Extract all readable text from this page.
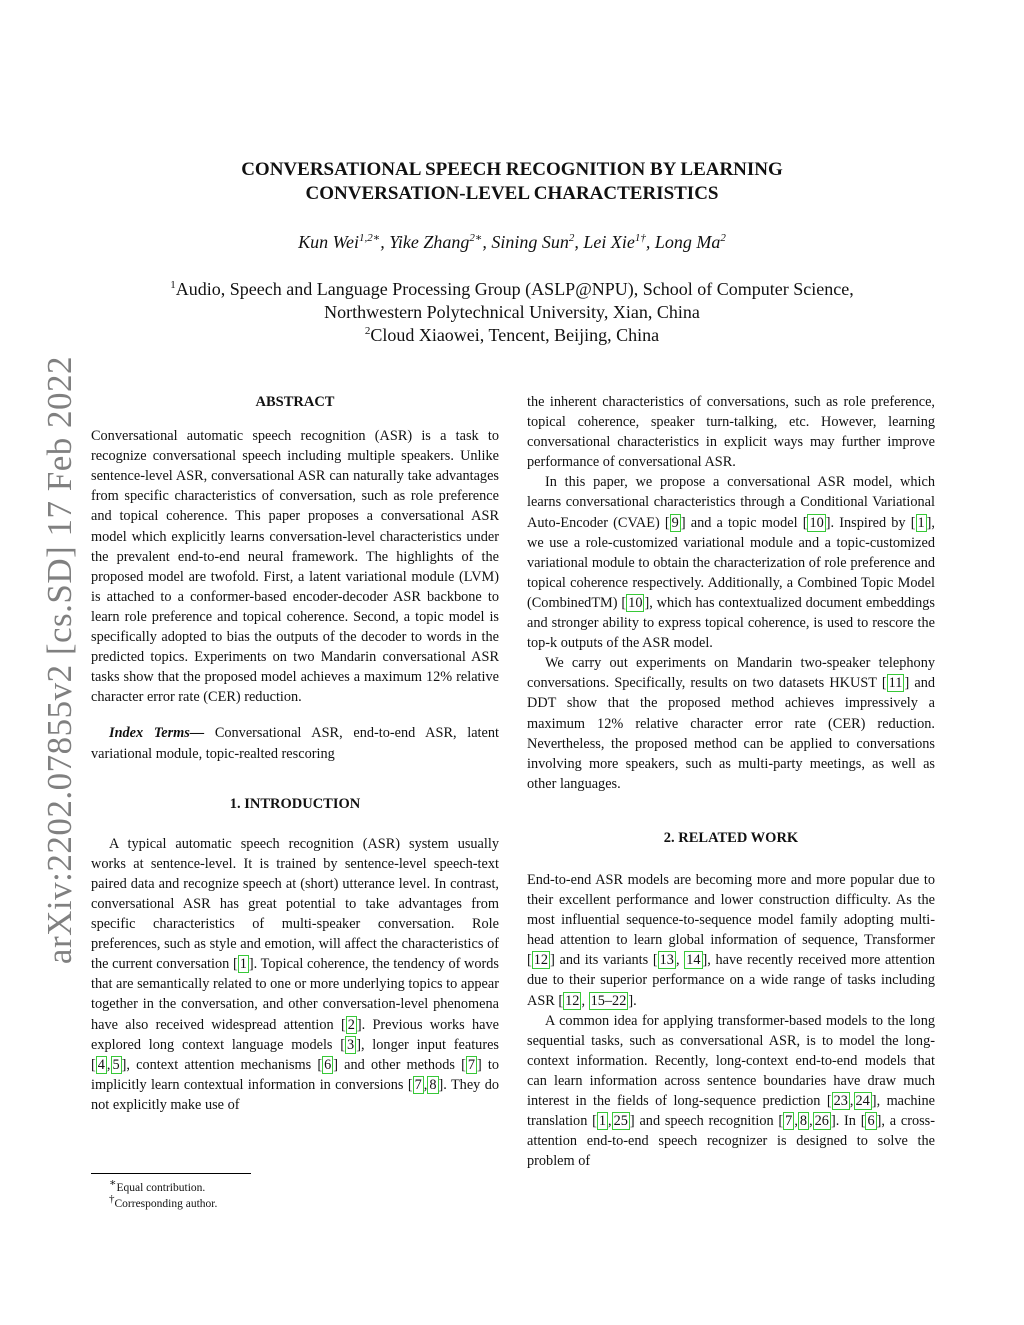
arXiv:2202.07855v2 [cs.SD] 17 Feb 2022
CONVERSATIONAL SPEECH RECOGNITION BY LEARNING
CONVERSATION-LEVEL CHARACTERISTICS
Kun Wei$^{1,2∗}$, Yike Zhang$^{2∗}$, Sining Sun$^2$, Lei Xie$^{1\dagger}$, Long Ma$^2$
$^1$Audio, Speech and Language Processing Group (ASLP@NPU), School of Computer Science,
Northwestern Polytechnical University, Xian, China
$^2$Cloud Xiaowei, Tencent, Beijing, China

ABSTRACT

Conversational automatic speech recognition (ASR) is a task to recognize conversational speech including multiple speakers. Unlike sentence-level ASR, conversational ASR can naturally take advantages from specific characteristics of conversation, such as role preference and topical coherence. This paper proposes a conversational ASR model which explicitly learns conversation-level characteristics under the prevalent end-to-end neural framework. The highlights of the proposed model are twofold. First, a latent variational module (LVM) is attached to a conformer-based encoder-decoder ASR backbone to learn role preference and topical coherence. Second, a topic model is specifically adopted to bias the outputs of the decoder to words in the predicted topics. Experiments on two Mandarin conversational ASR tasks show that the proposed model achieves a maximum 12% relative character error rate (CER) reduction.

Index Terms— Conversational ASR, end-to-end ASR, latent variational module, topic-realted rescoring

1. INTRODUCTION

A typical automatic speech recognition (ASR) system usually works at sentence-level. It is trained by sentence-level speech-text paired data and recognize speech at (short) utterance level. In contrast, conversational ASR has great potential to take advantages from specific characteristics of multi-speaker conversation. Role preferences, such as style and emotion, will affect the characteristics of the current conversation [ 1 ]. Topical coherence, the tendency of words that are semantically related to one or more underlying topics to appear together in the conversation, and other conversation-level phenomena have also received widespread attention [ 2 ]. Previous works have explored long context language models [ 3 ], longer input features [ 4 , 5 ], context attention mechanisms [ 6 ] and other methods [ 7 ] to implicitly learn contextual information in conversions [ 7 , 8 ]. They do not explicitly make use of

the inherent characteristics of conversations, such as role preference, topical coherence, speaker turn-talking, etc. However, learning conversational characteristics in explicit ways may further improve performance of conversational ASR.

In this paper, we propose a conversational ASR model, which learns conversational characteristics through a Conditional Variational Auto-Encoder (CVAE) [ 9 ] and a topic model [ 10 ]. Inspired by [ 1 ], we use a role-customized variational module and a topic-customized variational module to obtain the characterization of role preference and topical coherence respectively. Additionally, a Combined Topic Model (CombinedTM) [ 10 ], which has contextualized document embeddings and stronger ability to express topical coherence, is used to rescore the top-k outputs of the ASR model.

We carry out experiments on Mandarin two-speaker telephony conversations. Specifically, results on two datasets HKUST [ 11 ] and DDT show that the proposed method achieves impressively a maximum 12% relative character error rate (CER) reduction. Nevertheless, the proposed method can be applied to conversations involving more speakers, such as multi-party meetings, as well as other languages.

2. RELATED WORK

End-to-end ASR models are becoming more and more popular due to their excellent performance and lower construction difficulty. As the most influential sequence-to-sequence model family adopting multi-head attention to learn global information of sequence, Transformer [ 12 ] and its variants [ 13 , 14 ], have recently received more attention due to their superior performance on a wide range of tasks including ASR [ 12 , 15–22 ].

A common idea for applying transformer-based models to the long sequential tasks, such as conversational ASR, is to model the long-context information. Recently, long-context end-to-end models that can learn information across sentence boundaries have draw much interest in the fields of long-sequence prediction [ 23 , 24 ], machine translation [ 1 , 25 ] and speech recognition [ 7 , 8 , 26 ]. In [ 6 ], a cross-attention end-to-end speech recognizer is designed to solve the problem of

∗Equal contribution.
†Corresponding author.
